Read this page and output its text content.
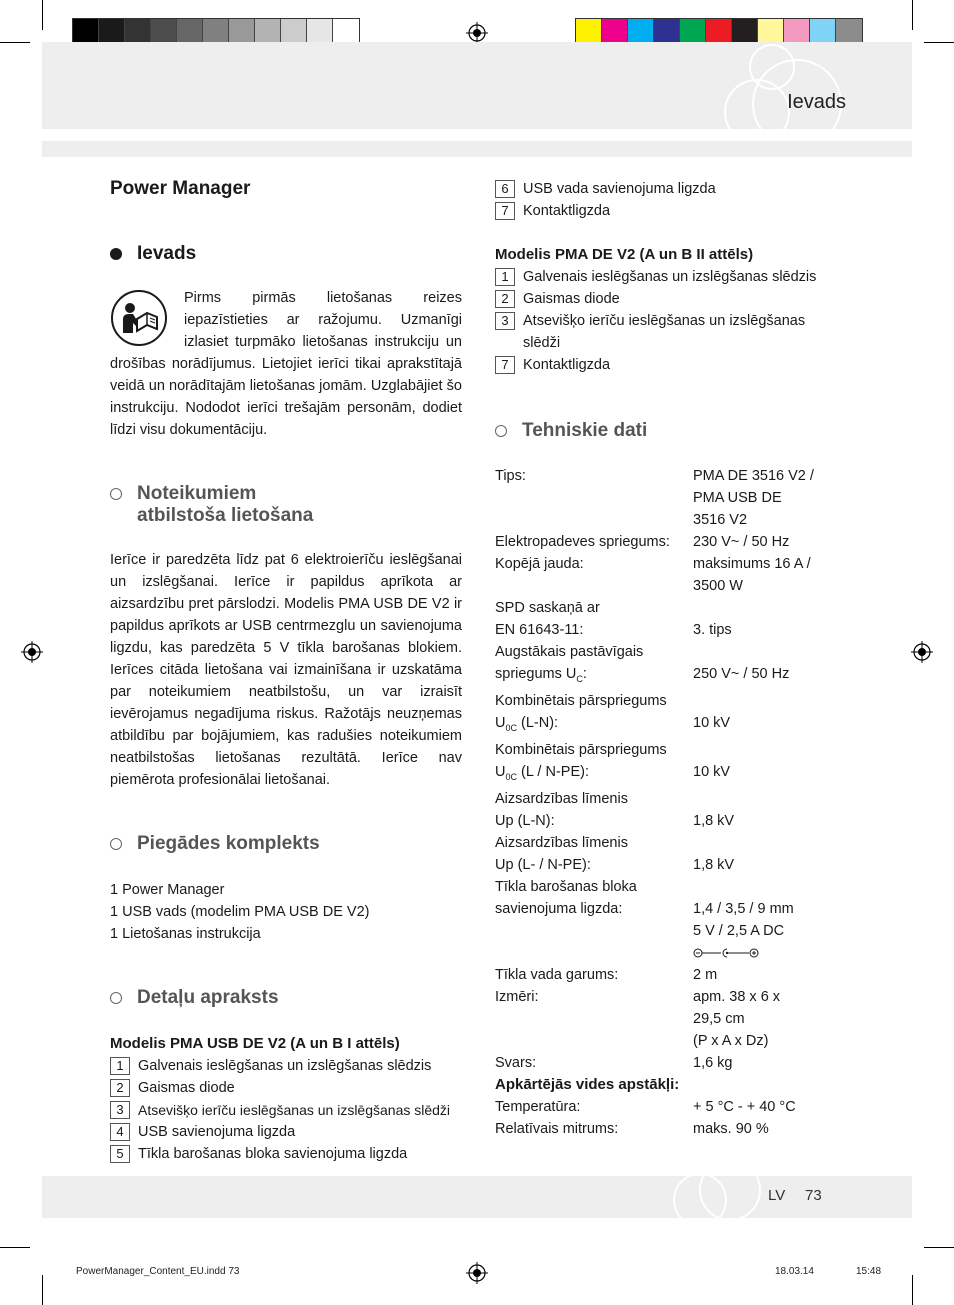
Ievads
Power Manager
Ievads

Pirms pirmās lietošanas reizes iepazīstieties ar ražojumu. Uzmanīgi izlasiet turpmāko lietošanas instrukciju un drošības norādījumus. Lietojiet ierīci tikai aprakstītajā veidā un norādītajām lietošanas jomām. Uzglabājiet šo instrukciju. Nododot ierīci trešajām personām, dodiet līdzi visu dokumentāciju.

Noteikumiem
atbilstoša lietošana

Ierīce ir paredzēta līdz pat 6 elektroierīču ieslēgšanai un izslēgšanai. Ierīce ir papildus aprīkota ar aizsardzību pret pārslodzi. Modelis PMA USB DE V2 ir papildus aprīkots ar USB centrmezglu un savienojuma ligzdu, kas paredzēta 5 V tīkla barošanas blokiem. Ierīces citāda lietošana vai izmainīšana ir uzskatāma par noteikumiem neatbilstošu, un var izraisīt ievērojamus negadījuma riskus. Ražotājs neuzņemas atbildību par bojājumiem, kas radušies noteikumiem neatbilstošas lietošanas rezultātā. Ierīce nav piemērota profesionālai lietošanai.

Piegādes komplekts
1 Power Manager
1 USB vads (modelim PMA USB DE V2)
1 Lietošanas instrukcija
Detaļu apraksts
Modelis PMA USB DE V2 (A un B I attēls)
1 Galvenais ieslēgšanas un izslēgšanas slēdzis
2 Gaismas diode
3	Atsevišķo ierīču ieslēgšanas un izslēgšanas slēdži
4 USB savienojuma ligzda
5 Tīkla barošanas bloka savienojuma ligzda
6 USB vada savienojuma ligzda
7 Kontaktligzda
Modelis PMA DE V2 (A un B II attēls)
1 Galvenais ieslēgšanas un izslēgšanas slēdzis
2 Gaismas diode
3 Atsevišķo ierīču ieslēgšanas un izslēgšanas slēdži
7 Kontaktligzda
Tehniskie dati
Tips:	PMA DE 3516 V2 /
PMA USB DE
3516 V2
Elektropadeves spriegums:	230 V~ / 50 Hz
Kopējā jauda:	maksimums 16 A /
3500 W
SPD saskaņā ar
EN 61643-11:
	3. tips
Augstākais pastāvīgais
spriegums $U_C$:
	250 V~ / 50 Hz
Kombinētais pārspriegums
$U_{0C}$ (L-N):
	10 kV
Kombinētais pārspriegums
$U_{0C}$ (L / N-PE):
	10 kV
Aizsardzības līmenis
Up (L-N):
	1,8 kV
Aizsardzības līmenis
Up (L- / N-PE):
	1,8 kV
Tīkla barošanas bloka
savienojuma ligzda:
	1,4 / 3,5 / 9 mm
5 V / 2,5 A DC
Tīkla vada garums:	2 m
Izmēri:	apm. 38 x 6 x
29,5 cm
(P x A x Dz)
Svars:	1,6 kg
Apkārtējās vides apstākļi:
Temperatūra:	+ 5 °C - + 40 °C
Relatīvais mitrums:	maks. 90 %
LV 73
PowerManager_Content_EU.indd 73	18.03.14	15:48
